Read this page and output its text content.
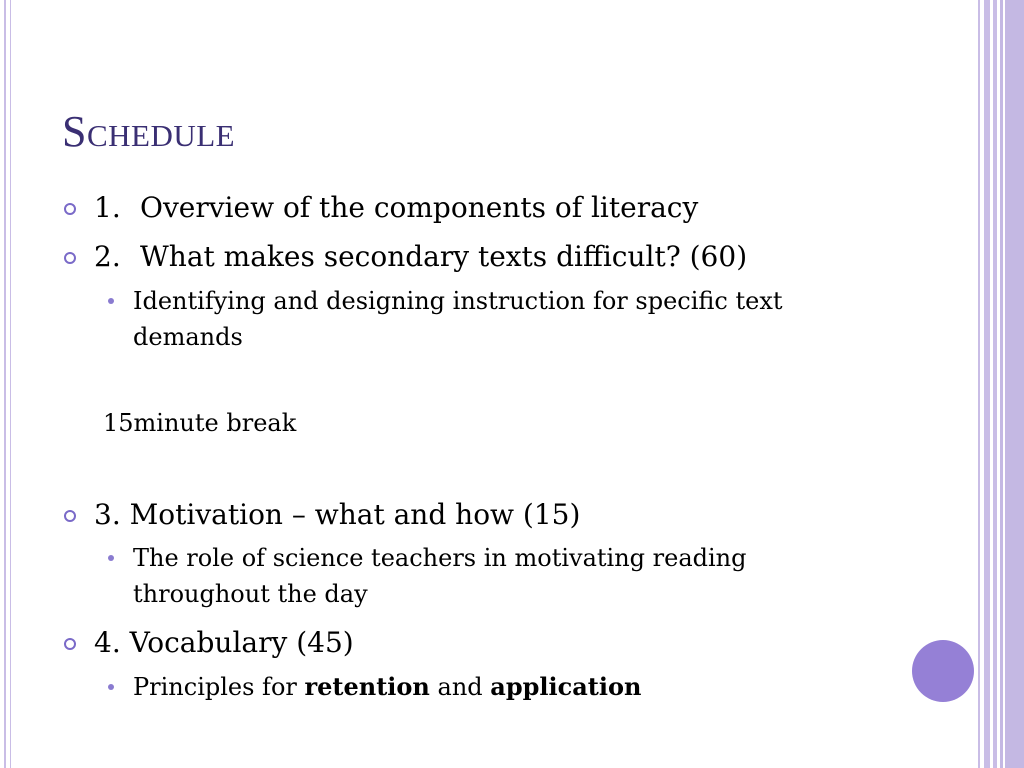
Schedule
1. Overview of the components of literacy
2. What makes secondary texts difficult? (60)
Identifying and designing instruction for specific text
demands
15minute break
3. Motivation – what and how (15)
The role of science teachers in motivating reading
throughout the day
4. Vocabulary (45)
Principles for retention and application
